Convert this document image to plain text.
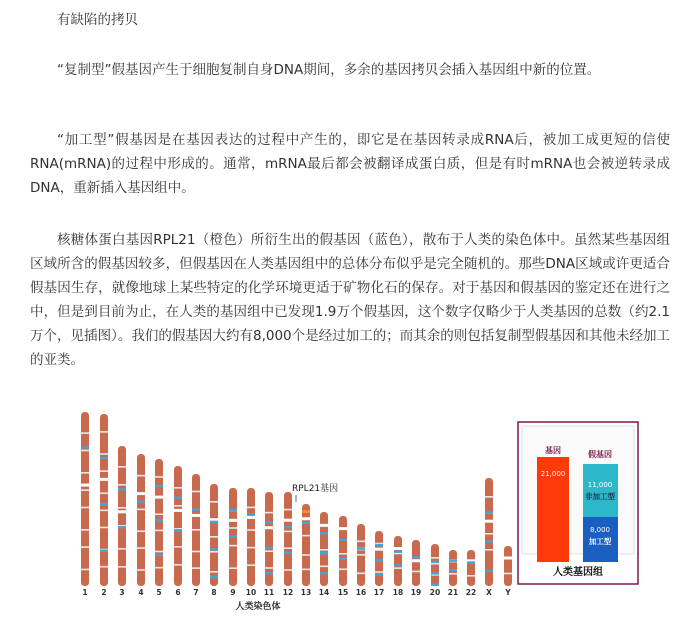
有缺陷的拷贝

“复制型”假基因产生于细胞复制自身DNA期间，多余的基因拷贝会插入基因组中新的位置。

“加工型”假基因是在基因表达的过程中产生的，即它是在基因转录成RNA后，被加工成更短的信使RNA(mRNA)的过程中形成的。通常，mRNA最后都会被翻译成蛋白质，但是有时mRNA也会被逆转录成DNA，重新插入基因组中。

核糖体蛋白基因RPL21（橙色）所衍生出的假基因（蓝色），散布于人类的染色体中。虽然某些基因组区域所含的假基因较多，但假基因在人类基因组中的总体分布似乎是完全随机的。那些DNA区域或许更适合假基因生存，就像地球上某些特定的化学环境更适于矿物化石的保存。对于基因和假基因的鉴定还在进行之中，但是到目前为止，在人类的基因组中已发现1.9万个假基因，这个数字仅略少于人类基因的总数（约2.1万个，见插图）。我们的假基因大约有8,000个是经过加工的；而其余的则包括复制型假基因和其他未经加工的亚类。

1 2 3 4 5 6 7 8 9 10 11 12 13 14 15 16 17 18 19 20 21 22 X Y
人类染色体
RPL21基因
基因	假基因
21,000
11,000
非加工型
8,000
加工型
人类基因组
